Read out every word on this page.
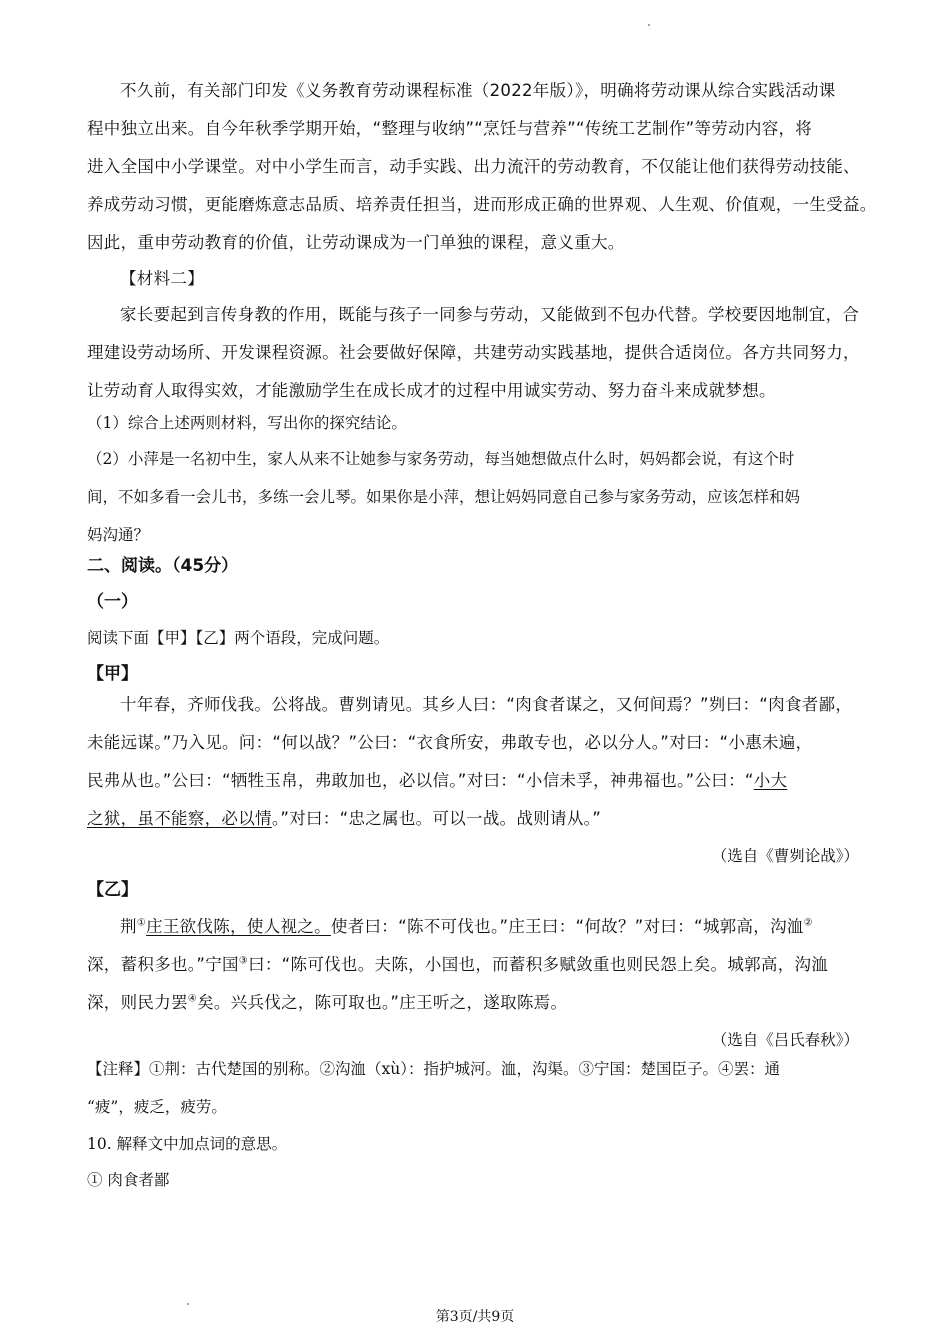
不久前，有关部门印发《义务教育劳动课程标准（2022年版）》，明确将劳动课从综合实践活动课

程中独立出来。自今年秋季学期开始，“整理与收纳”“烹饪与营养”“传统工艺制作”等劳动内容，将

进入全国中小学课堂。对中小学生而言，动手实践、出力流汗的劳动教育，不仅能让他们获得劳动技能、

养成劳动习惯，更能磨炼意志品质、培养责任担当，进而形成正确的世界观、人生观、价值观，一生受益。

因此，重申劳动教育的价值，让劳动课成为一门单独的课程，意义重大。

【材料二】

家长要起到言传身教的作用，既能与孩子一同参与劳动，又能做到不包办代替。学校要因地制宜，合

理建设劳动场所、开发课程资源。社会要做好保障，共建劳动实践基地，提供合适岗位。各方共同努力，

让劳动育人取得实效，才能激励学生在成长成才的过程中用诚实劳动、努力奋斗来成就梦想。

（1）综合上述两则材料，写出你的探究结论。

（2）小萍是一名初中生，家人从来不让她参与家务劳动，每当她想做点什么时，妈妈都会说，有这个时

间，不如多看一会儿书，多练一会儿琴。如果你是小萍，想让妈妈同意自己参与家务劳动，应该怎样和妈

妈沟通？

二、阅读。（45分）

（一）

阅读下面【甲】【乙】两个语段，完成问题。

【甲】

十年春，齐师伐我。公将战。曹刿请见。其乡人曰：“肉食者谋之，又何间焉？”刿曰：“肉食者鄙，

未能远谋。”乃入见。问：“何以战？”公曰：“衣食所安，弗敢专也，必以分人。”对曰：“小惠未遍，

民弗从也。”公曰：“牺牲玉帛，弗敢加也，必以信。”对曰：“小信未孚，神弗福也。”公曰：“小大

之狱，虽不能察，必以情。”对曰：“忠之属也。可以一战。战则请从。”

（选自《曹刿论战》）

【乙】

荆①庄王欲伐陈，使人视之。使者曰：“陈不可伐也。”庄王曰：“何故？”对曰：“城郭高，沟洫②

深，蓄积多也。”宁国③曰：“陈可伐也。夫陈，小国也，而蓄积多赋敛重也则民怨上矣。城郭高，沟洫

深，则民力罢④矣。兴兵伐之，陈可取也。”庄王听之，遂取陈焉。

（选自《吕氏春秋》）

【注释】①荆：古代楚国的别称。②沟洫（xù）：指护城河。洫，沟渠。③宁国：楚国臣子。④罢：通

“疲”，疲乏，疲劳。

10. 解释文中加点词的意思。

① 肉食者鄙

第3页/共9页
